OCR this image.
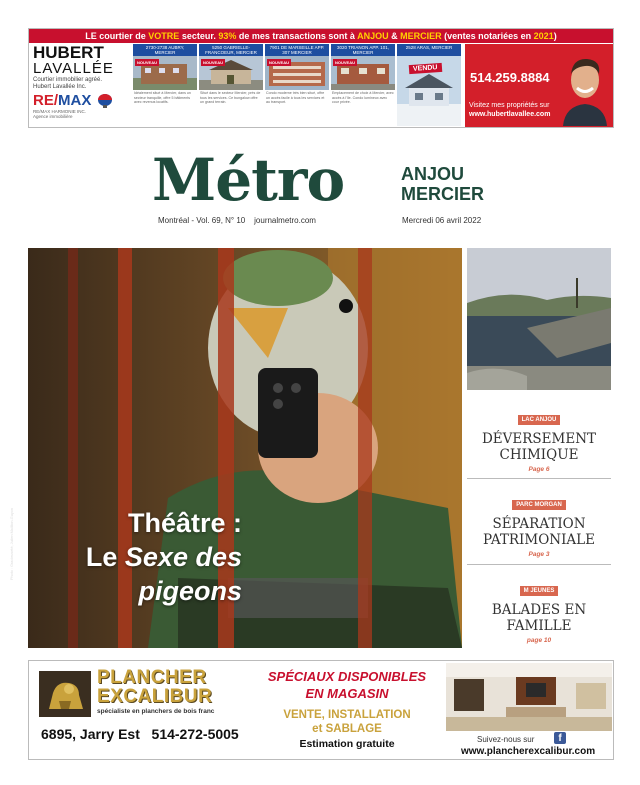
LE courtier de VOTRE secteur. 93% de mes transactions sont à ANJOU & MERCIER (ventes notariées en 2021)
HUBERT
LAVALLÉE
Courtier immobilier agréé.
Hubert Lavallée Inc.
RE/MAX
RE/MAX HARMONIE INC.
Agence immobilière
2730-2738 AUBRY, MERCIER
NOUVEAU
Idéalement situé à Mercier, dans un secteur tranquille, offre 5 bâtiments avec revenus locatifs.
5250 GABRIELLE-FRANCOEUR, MERCIER
NOUVEAU
Situé dans le secteur Mercier, près de tous les services. Ce bungalow offre un grand terrain.
7901 DE MARSEILLE APP. 307 MERCIER
NOUVEAU
Condo moderne très bien situé, offre un accès facile à tous les services et au transport.
3020 TRIANON APP. 101, MERCIER
NOUVEAU
Emplacement de choix à Mercier, avec accès à l'île. Condo lumineux avec cour privée.
2528 ARAS, MERCIER
VENDU
514.259.8884
Visitez mes propriétés sur
www.hubertlavallee.com
Métro	ANJOU
MERCIER
Montréal - Vol. 69, N° 10 journalmetro.com	Mercredi 06 avril 2022
Théâtre :
Le Sexe des
pigeons
Photo : Gracieuseté, Julien Maillion-Guyon
LAC ANJOU
DÉVERSEMENT
CHIMIQUE
Page 6
PARC MORGAN
SÉPARATION
PATRIMONIALE
Page 3
M JEUNES
BALADES EN
FAMILLE
page 10
PLANCHER
EXCALIBUR
spécialiste en planchers de bois franc
6895, Jarry Est 514-272-5005
SPÉCIAUX DISPONIBLES
EN MAGASIN
VENTE, INSTALLATION
et SABLAGE
Estimation gratuite	Suivez-nous sur	f
www.plancherexcalibur.com
